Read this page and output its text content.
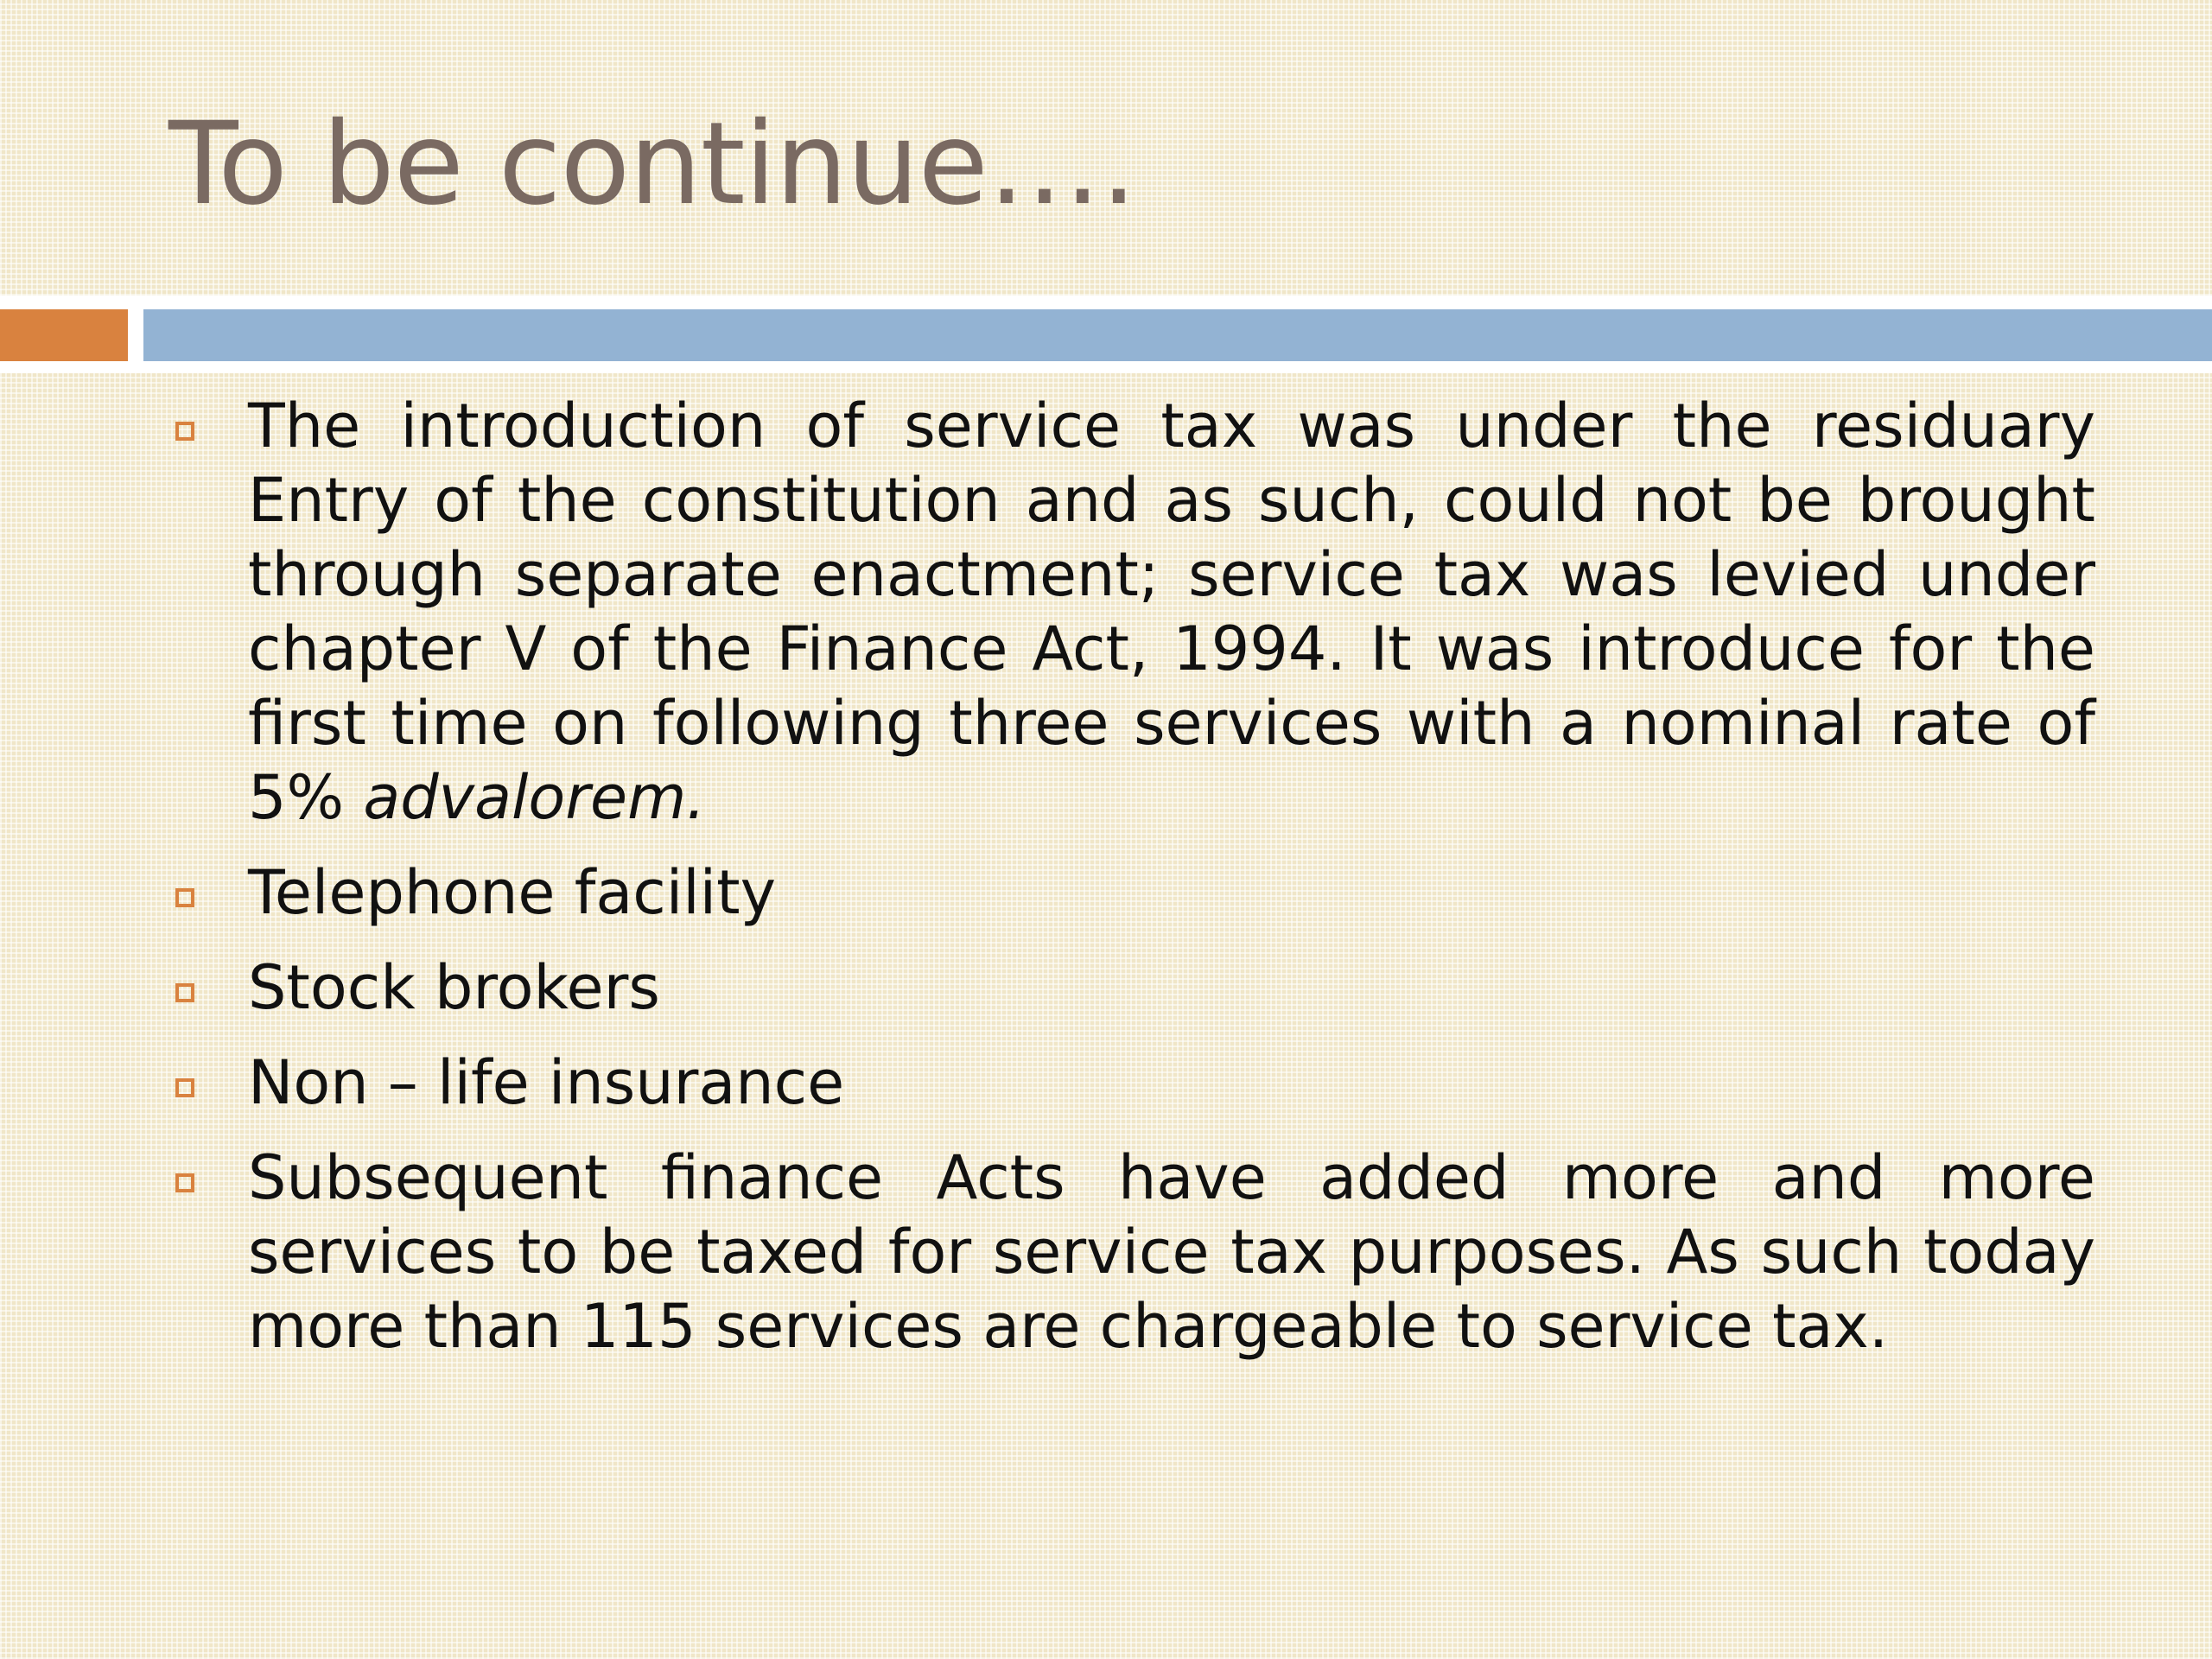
To be continue….
The introduction of service tax was under the residuary Entry of the constitution and as such, could not be brought through separate enactment; service tax was levied under chapter V of the Finance Act, 1994. It was introduce for the first time on following three services with a nominal rate of 5% advalorem.
Telephone facility
Stock brokers
Non – life insurance
Subsequent finance Acts have added more and more services to be taxed for service tax purposes. As such today more than 115 services are chargeable to service tax.
